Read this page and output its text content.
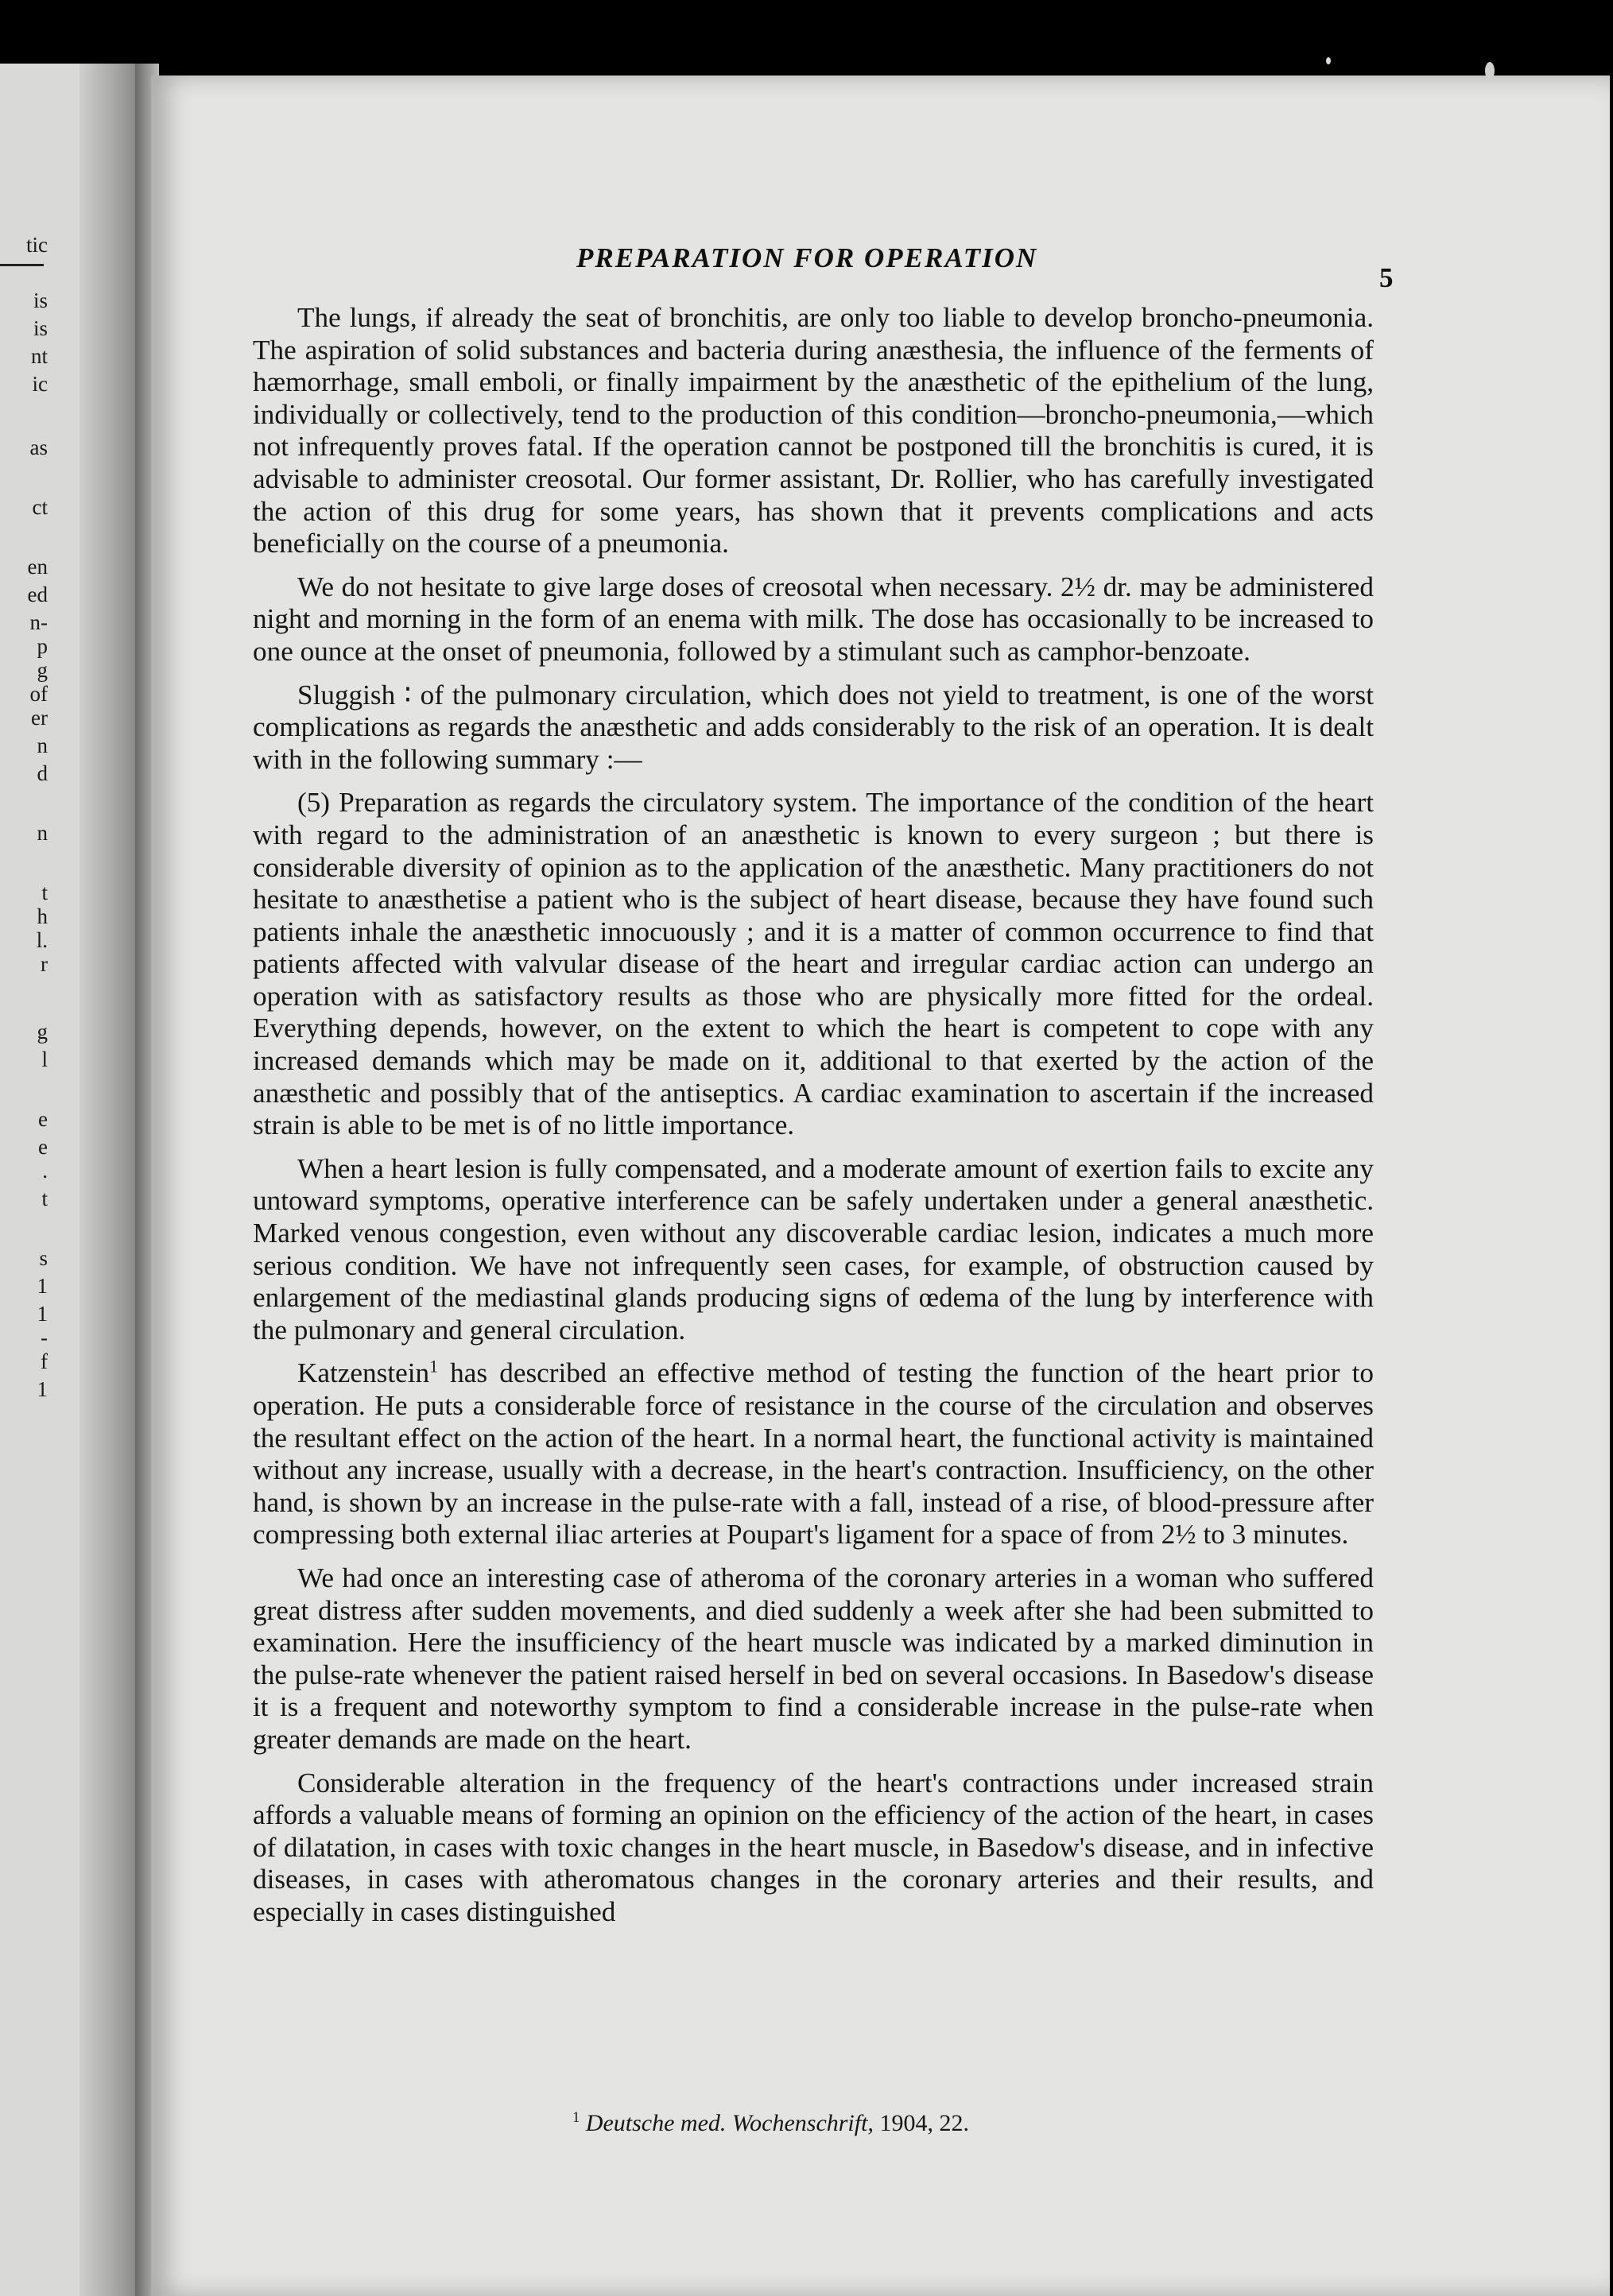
tic
is
is
nt
ic
as
ct
en
ed
n-
p
g
of
er
n
d
n
t
h
l.
r
g
l
e
e
.
t
s
1
1
-
f
1
PREPARATION FOR OPERATION
5

The lungs, if already the seat of bronchitis, are only too liable to develop broncho-pneumonia. The aspiration of solid substances and bacteria during anæsthesia, the influence of the ferments of hæmorrhage, small emboli, or finally impairment by the anæsthetic of the epithelium of the lung, individually or collectively, tend to the production of this condition—broncho-pneumonia,—which not infrequently proves fatal. If the operation cannot be postponed till the bronchitis is cured, it is advisable to administer creosotal. Our former assistant, Dr. Rollier, who has carefully investigated the action of this drug for some years, has shown that it prevents complications and acts beneficially on the course of a pneumonia.

We do not hesitate to give large doses of creosotal when necessary. 2½ dr. may be administered night and morning in the form of an enema with milk. The dose has occasionally to be increased to one ounce at the onset of pneumonia, followed by a stimulant such as camphor-benzoate.

Sluggish ∶ of the pulmonary circulation, which does not yield to treatment, is one of the worst complications as regards the anæsthetic and adds considerably to the risk of an operation. It is dealt with in the following summary :—

(5) Preparation as regards the circulatory system. The importance of the condition of the heart with regard to the administration of an anæsthetic is known to every surgeon ; but there is considerable diversity of opinion as to the application of the anæsthetic. Many practitioners do not hesitate to anæsthetise a patient who is the subject of heart disease, because they have found such patients inhale the anæsthetic innocuously ; and it is a matter of common occurrence to find that patients affected with valvular disease of the heart and irregular cardiac action can undergo an operation with as satisfactory results as those who are physically more fitted for the ordeal. Everything depends, however, on the extent to which the heart is competent to cope with any increased demands which may be made on it, additional to that exerted by the action of the anæsthetic and possibly that of the antiseptics. A cardiac examination to ascertain if the increased strain is able to be met is of no little importance.

When a heart lesion is fully compensated, and a moderate amount of exertion fails to excite any untoward symptoms, operative interference can be safely undertaken under a general anæsthetic. Marked venous congestion, even without any discoverable cardiac lesion, indicates a much more serious condition. We have not infrequently seen cases, for example, of obstruction caused by enlargement of the mediastinal glands producing signs of œdema of the lung by interference with the pulmonary and general circulation.

Katzenstein$^1$ has described an effective method of testing the function of the heart prior to operation. He puts a considerable force of resistance in the course of the circulation and observes the resultant effect on the action of the heart. In a normal heart, the functional activity is maintained without any increase, usually with a decrease, in the heart's contraction. Insufficiency, on the other hand, is shown by an increase in the pulse-rate with a fall, instead of a rise, of blood-pressure after compressing both external iliac arteries at Poupart's ligament for a space of from 2½ to 3 minutes.

We had once an interesting case of atheroma of the coronary arteries in a woman who suffered great distress after sudden movements, and died suddenly a week after she had been submitted to examination. Here the insufficiency of the heart muscle was indicated by a marked diminution in the pulse-rate whenever the patient raised herself in bed on several occasions. In Basedow's disease it is a frequent and noteworthy symptom to find a considerable increase in the pulse-rate when greater demands are made on the heart.

Considerable alteration in the frequency of the heart's contractions under increased strain affords a valuable means of forming an opinion on the efficiency of the action of the heart, in cases of dilatation, in cases with toxic changes in the heart muscle, in Basedow's disease, and in infective diseases, in cases with atheromatous changes in the coronary arteries and their results, and especially in cases distinguished

$^1$ Deutsche med. Wochenschrift, 1904, 22.
